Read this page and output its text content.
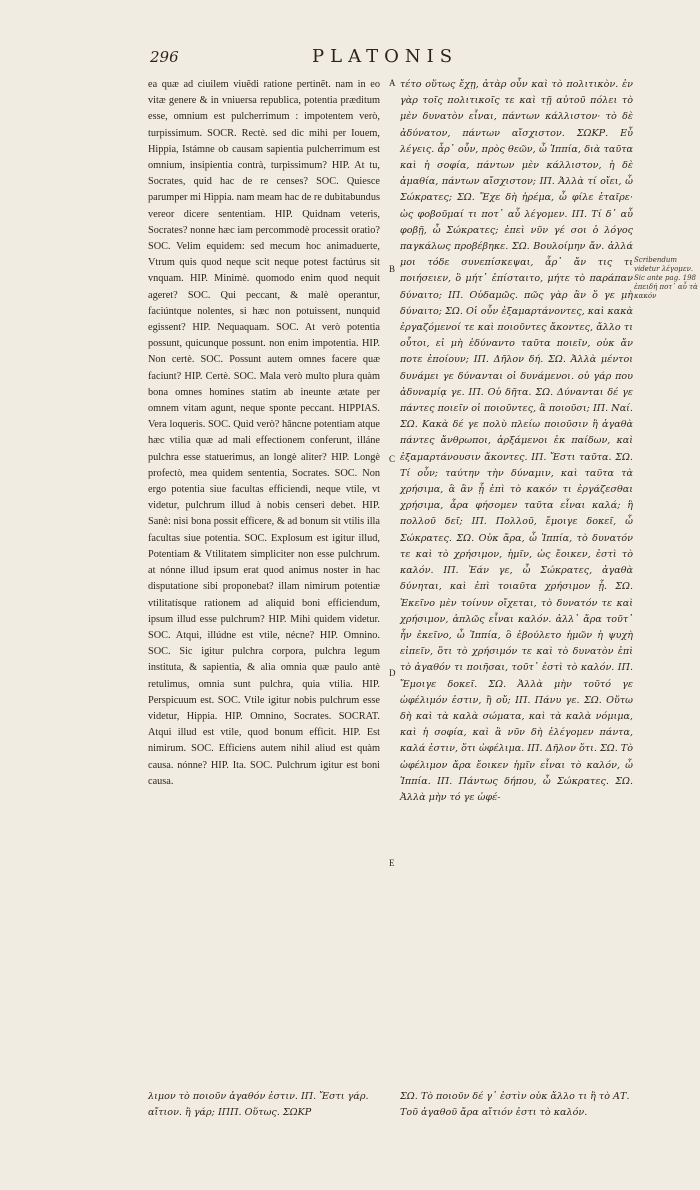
296	PLATONIS

ea quæ ad ciuilem viuẽdi ratione pertinẽt. nam in eo vitæ genere & in vniuersa republica, potentia præditum esse, omnium est pulcherrimum : impotentem verò, turpissimum. SOCR. Rectè. sed dic mihi per Iouem, Hippia, Istámne ob causam sapientia pulcherrimum est omnium, insipientia contrà, turpissimum? HIP. At tu, Socrates, quid hac de re censes? SOC. Quiesce parumper mi Hippia. nam meam hac de re dubitabundus vereor dicere sententiam. HIP. Quidnam veteris, Socrates? nonne hæc iam percommodè processit oratio? SOC. Velim equidem: sed mecum hoc animaduerte, Vtrum quis quod neque scit neque potest factúrus sit vnquam. HIP. Minimè. quomodo enim quod nequit ageret? SOC. Qui peccant, & malè operantur, faciúntque nolentes, si hæc non potuissent, nunquid egissent? HIP. Nequaquam. SOC. At verò potentia possunt, quicunque possunt. non enim impotentia. HIP. Non certè. SOC. Possunt autem omnes facere quæ faciunt? HIP. Certè. SOC. Mala verò multo plura quàm bona omnes homines statim ab ineunte ætate per omnem vitam agunt, neque sponte peccant. HIPPIAS. Vera loqueris. SOC. Quid verò? hâncne potentiam atque hæc vtilia quæ ad mali effectionem conferunt, illáne pulchra esse statuerimus, an longè aliter? HIP. Longè profectò, mea quidem sententia, Socrates. SOC. Non ergo potentia siue facultas efficiendi, neque vtile, vt videtur, pulchrum illud à nobis censeri debet. HIP. Sanè: nisi bona possit efficere, & ad bonum sit vtilis illa facultas siue potentia. SOC. Explosum est igitur illud, Potentiam & Vtilitatem simpliciter non esse pulchrum. at nónne illud ipsum erat quod animus noster in hac disputatione sibi proponebat? illam nimirum potentiæ vtilitatísque rationem ad aliquid boni efficiendum, ipsum illud esse pulchrum? HIP. Mihi quidem videtur. SOC. Atqui, illúdne est vtile, nécne? HIP. Omnino. SOC. Sic igitur pulchra corpora, pulchra legum instituta, & sapientia, & alia omnia quæ paulo antè retulimus, omnia sunt pulchra, quia vtilia. HIP. Perspicuum est. SOC. Vtile igitur nobis pulchrum esse videtur, Hippia. HIP. Omnino, Socrates. SOCRAT. Atqui illud est vtile, quod bonum efficit. HIP. Est nimirum. SOC. Efficiens autem nihil aliud est quàm causa. nónne? HIP. Ita. SOC. Pulchrum igitur est boni causa.

A
B
C
D
E

τέτο οὕτως ἔχῃ, ἀτὰρ οὖν καὶ τὸ πολιτικὸν. ἐν γὰρ τοῖς πολιτικοῖς τε καὶ τῇ αὐτοῦ πόλει τὸ μὲν δυνατὸν εἶναι, πάντων κάλλιστον· τὸ δὲ ἀδύνατον, πάντων αἴσχιστον. ΣΩΚΡ. Εὖ λέγεις. ἆρ᾽ οὖν, πρὸς θεῶν, ὦ Ἱππία, διὰ ταῦτα καὶ ἡ σοφία, πάντων μὲν κάλλιστον, ἡ δὲ ἀμαθία, πάντων αἴσχιστον; ΙΠ. Ἀλλὰ τί οἴει, ὦ Σώκρατες; ΣΩ. Ἔχε δὴ ἠρέμα, ὦ φίλε ἑταῖρε· ὡς φοβοῦμαί τι ποτ᾽ αὖ λέγομεν. ΙΠ. Τί δ᾽ αὖ φοβῇ, ὦ Σώκρατες; ἐπεὶ νῦν γέ σοι ὁ λόγος παγκάλως προβέβηκε. ΣΩ. Βουλοίμην ἄν. ἀλλά μοι τόδε συνεπίσκεψαι, ἆρ᾽ ἄν τις τι ποιήσειεν, ὃ μήτ᾽ ἐπίσταιτο, μήτε τὸ παράπαν δύναιτο; ΙΠ. Οὐδαμῶς. πῶς γὰρ ἂν ὅ γε μὴ δύναιτο; ΣΩ. Οἱ οὖν ἐξαμαρτάνοντες, καὶ κακὰ ἐργαζόμενοί τε καὶ ποιοῦντες ἄκοντες, ἄλλο τι οὗτοι, εἰ μὴ ἐδύναντο ταῦτα ποιεῖν, οὐκ ἄν ποτε ἐποίουν; ΙΠ. Δῆλον δή. ΣΩ. Ἀλλὰ μέντοι δυνάμει γε δύνανται οἱ δυνάμενοι. οὐ γάρ που ἀδυναμίᾳ γε. ΙΠ. Οὐ δῆτα. ΣΩ. Δύνανται δέ γε πάντες ποιεῖν οἱ ποιοῦντες, ἃ ποιοῦσι; ΙΠ. Ναί. ΣΩ. Κακὰ δέ γε πολὺ πλείω ποιοῦσιν ἢ ἀγαθὰ πάντες ἄνθρωποι, ἀρξάμενοι ἐκ παίδων, καὶ ἐξαμαρτάνουσιν ἄκοντες. ΙΠ. Ἔστι ταῦτα. ΣΩ. Τί οὖν; ταύτην τὴν δύναμιν, καὶ ταῦτα τὰ χρήσιμα, ἃ ἂν ᾖ ἐπὶ τὸ κακόν τι ἐργάζεσθαι χρήσιμα, ἆρα φήσομεν ταῦτα εἶναι καλά; ἢ πολλοῦ δεῖ; ΙΠ. Πολλοῦ, ἔμοιγε δοκεῖ, ὦ Σώκρατες. ΣΩ. Οὐκ ἄρα, ὦ Ἱππία, τὸ δυνατόν τε καὶ τὸ χρήσιμον, ἡμῖν, ὡς ἔοικεν, ἐστὶ τὸ καλόν. ΙΠ. Ἐάν γε, ὦ Σώκρατες, ἀγαθὰ δύνηται, καὶ ἐπὶ τοιαῦτα χρήσιμον ᾖ. ΣΩ. Ἐκεῖνο μὲν τοίνυν οἴχεται, τὸ δυνατόν τε καὶ χρήσιμον, ἁπλῶς εἶναι καλόν. ἀλλ᾽ ἄρα τοῦτ᾽ ἦν ἐκεῖνο, ὦ Ἱππία, ὃ ἐβούλετο ἡμῶν ἡ ψυχὴ εἰπεῖν, ὅτι τὸ χρήσιμόν τε καὶ τὸ δυνατὸν ἐπὶ τὸ ἀγαθόν τι ποιῆσαι, τοῦτ᾽ ἐστὶ τὸ καλόν. ΙΠ. Ἔμοιγε δοκεῖ. ΣΩ. Ἀλλὰ μὴν τοῦτό γε ὠφέλιμόν ἐστιν, ἢ οὔ; ΙΠ. Πάνυ γε. ΣΩ. Οὕτω δὴ καὶ τὰ καλὰ σώματα, καὶ τὰ καλὰ νόμιμα, καὶ ἡ σοφία, καὶ ἃ νῦν δὴ ἐλέγομεν πάντα, καλά ἐστιν, ὅτι ὠφέλιμα. ΙΠ. Δῆλον ὅτι. ΣΩ. Τὸ ὠφέλιμον ἄρα ἔοικεν ἡμῖν εἶναι τὸ καλόν, ὦ Ἱππία. ΙΠ. Πάντως δήπου, ὦ Σώκρατες. ΣΩ. Ἀλλὰ μὴν τό γε ὠφέ-

Scribendum videtur λέγομεν. Sic ante pag. 198 ἐπειδή ποτ᾽ αὖ τὰ κακόν
λιμον τὸ ποιοῦν ἀγαθόν ἐστιν. ΙΠ. Ἔστι γάρ. αἴτιον. ἢ γάρ; ΙΠΠ. Οὕτως. ΣΩΚΡ
ΣΩ. Τὸ ποιοῦν δέ γ᾽ ἐστὶν οὐκ ἄλλο τι ἢ τὸ ΑΤ. Τοῦ ἀγαθοῦ ἄρα αἴτιόν ἐστι τὸ καλόν.
